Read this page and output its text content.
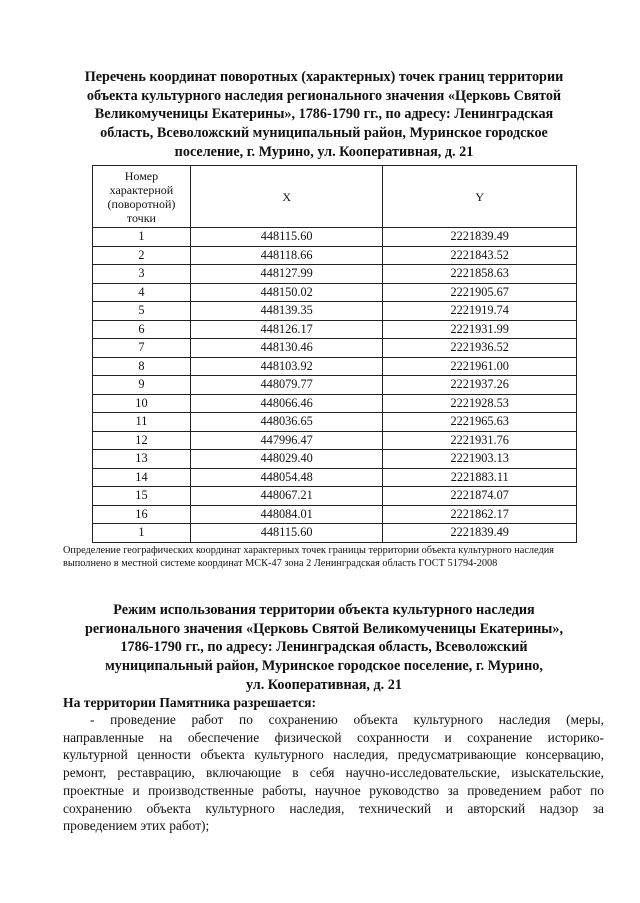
Перечень координат поворотных (характерных) точек границ территории
объекта культурного наследия регионального значения «Церковь Святой
Великомученицы Екатерины», 1786-1790 гг., по адресу: Ленинградская
область, Всеволожский муниципальный район, Муринское городское
поселение, г. Мурино, ул. Кооперативная, д. 21
Номер
характерной
(поворотной)
точки	X	Y
1	448115.60	2221839.49
2	448118.66	2221843.52
3	448127.99	2221858.63
4	448150.02	2221905.67
5	448139.35	2221919.74
6	448126.17	2221931.99
7	448130.46	2221936.52
8	448103.92	2221961.00
9	448079.77	2221937.26
10	448066.46	2221928.53
11	448036.65	2221965.63
12	447996.47	2221931.76
13	448029.40	2221903.13
14	448054.48	2221883.11
15	448067.21	2221874.07
16	448084.01	2221862.17
1	448115.60	2221839.49
Определение географических координат характерных точек границы территории объекта культурного наследия
выполнено в местной системе координат МСК-47 зона 2 Ленинградская область ГОСТ 51794-2008
Режим использования территории объекта культурного наследия
регионального значения «Церковь Святой Великомученицы Екатерины»,
1786-1790 гг., по адресу: Ленинградская область, Всеволожский
муниципальный район, Муринское городское поселение, г. Мурино,
ул. Кооперативная, д. 21
На территории Памятника разрешается:
- проведение работ по сохранению объекта культурного наследия (меры,
направленные на обеспечение физической сохранности и сохранение историко-
культурной ценности объекта культурного наследия, предусматривающие консервацию,
ремонт, реставрацию, включающие в себя научно-исследовательские, изыскательские,
проектные и производственные работы, научное руководство за проведением работ по
сохранению объекта культурного наследия, технический и авторский надзор за
проведением этих работ);
